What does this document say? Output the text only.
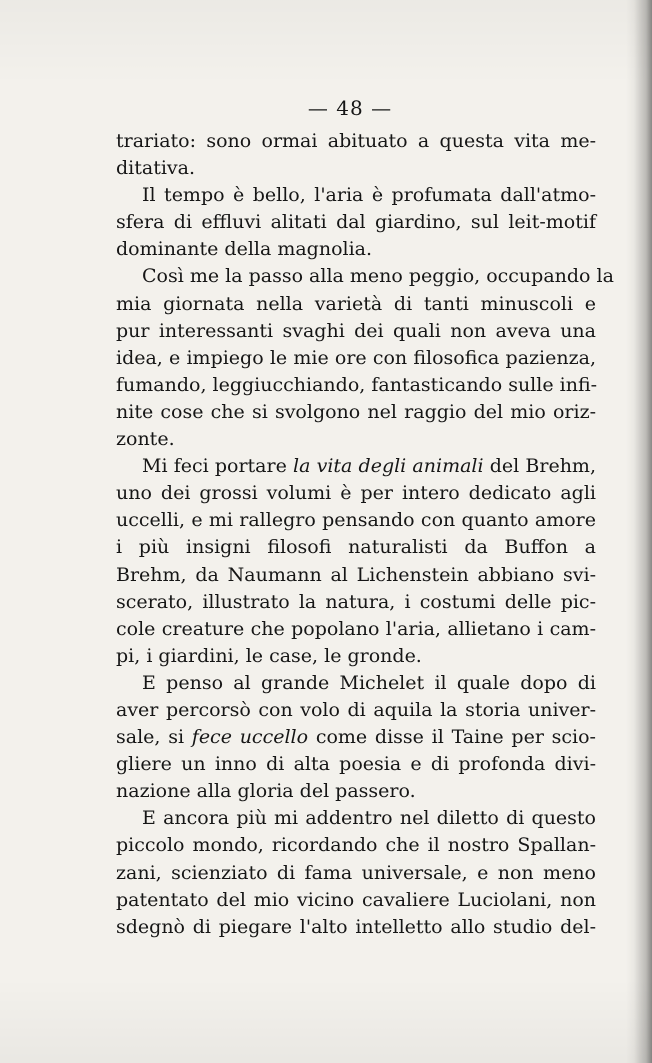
— 48 —
trariato: sono ormai abituato a questa vita me-
ditativa.
Il tempo è bello, l'aria è profumata dall'atmo-
sfera di effluvi alitati dal giardino, sul leit-motif
dominante della magnolia.
Così me la passo alla meno peggio, occupando la
mia giornata nella varietà di tanti minuscoli e
pur interessanti svaghi dei quali non aveva una
idea, e impiego le mie ore con filosofica pazienza,
fumando, leggiucchiando, fantasticando sulle infi-
nite cose che si svolgono nel raggio del mio oriz-
zonte.
Mi feci portare la vita degli animali del Brehm,
uno dei grossi volumi è per intero dedicato agli
uccelli, e mi rallegro pensando con quanto amore
i più insigni filosofi naturalisti da Buffon a
Brehm, da Naumann al Lichenstein abbiano svi-
scerato, illustrato la natura, i costumi delle pic-
cole creature che popolano l'aria, allietano i cam-
pi, i giardini, le case, le gronde.
E penso al grande Michelet il quale dopo di
aver percorsò con volo di aquila la storia univer-
sale, si fece uccello come disse il Taine per scio-
gliere un inno di alta poesia e di profonda divi-
nazione alla gloria del passero.
E ancora più mi addentro nel diletto di questo
piccolo mondo, ricordando che il nostro Spallan-
zani, scienziato di fama universale, e non meno
patentato del mio vicino cavaliere Luciolani, non
sdegnò di piegare l'alto intelletto allo studio del-
